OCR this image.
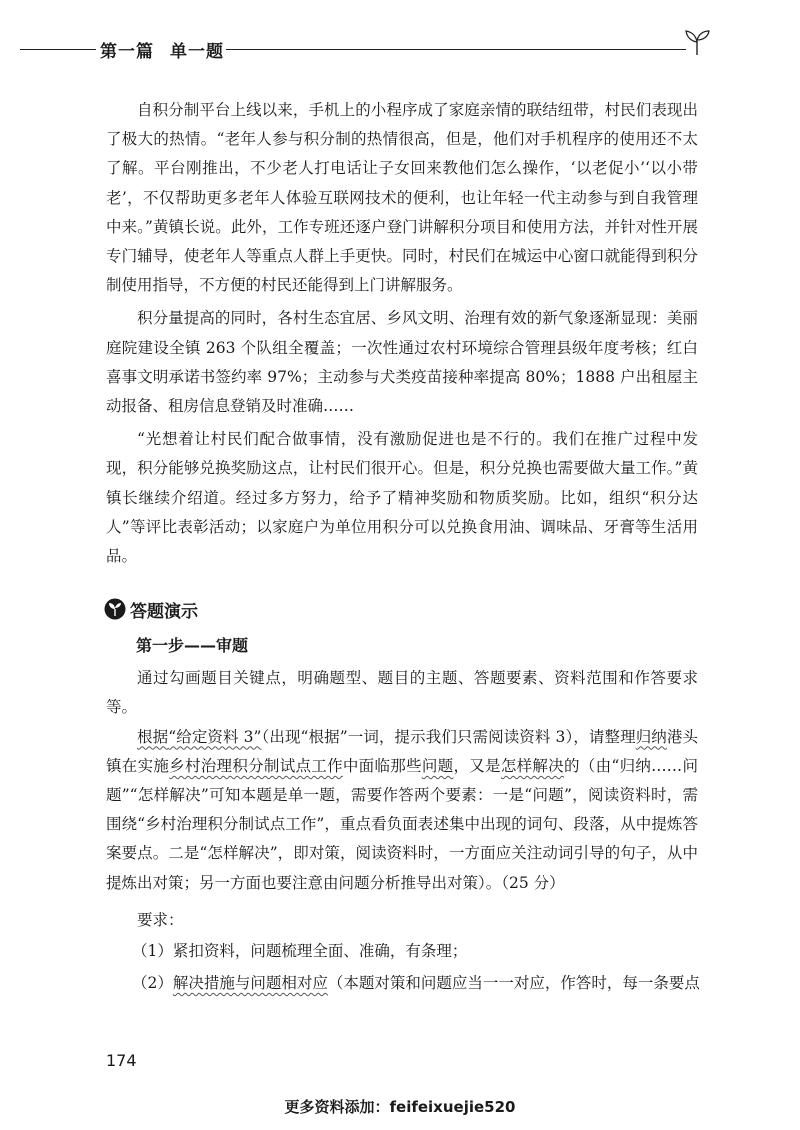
第一篇 单一题

自积分制平台上线以来，手机上的小程序成了家庭亲情的联结纽带，村民们表现出了极大的热情。“老年人参与积分制的热情很高，但是，他们对手机程序的使用还不太了解。平台刚推出，不少老人打电话让子女回来教他们怎么操作，‘以老促小’‘以小带老’，不仅帮助更多老年人体验互联网技术的便利，也让年轻一代主动参与到自我管理中来。”黄镇长说。此外，工作专班还逐户登门讲解积分项目和使用方法，并针对性开展专门辅导，使老年人等重点人群上手更快。同时，村民们在城运中心窗口就能得到积分制使用指导，不方便的村民还能得到上门讲解服务。

积分量提高的同时，各村生态宜居、乡风文明、治理有效的新气象逐渐显现：美丽庭院建设全镇 263 个队组全覆盖；一次性通过农村环境综合管理县级年度考核；红白喜事文明承诺书签约率 97%；主动参与犬类疫苗接种率提高 80%；1888 户出租屋主动报备、租房信息登销及时准确……

“光想着让村民们配合做事情，没有激励促进也是不行的。我们在推广过程中发现，积分能够兑换奖励这点，让村民们很开心。但是，积分兑换也需要做大量工作。”黄镇长继续介绍道。经过多方努力，给予了精神奖励和物质奖励。比如，组织“积分达人”等评比表彰活动；以家庭户为单位用积分可以兑换食用油、调味品、牙膏等生活用品。

答题演示
第一步——审题

通过勾画题目关键点，明确题型、题目的主题、答题要素、资料范围和作答要求等。

根据“给定资料 3”（出现“根据”一词，提示我们只需阅读资料 3），请整理归纳港头镇在实施乡村治理积分制试点工作中面临那些问题，又是怎样解决的（由“归纳……问题”“怎样解决”可知本题是单一题，需要作答两个要素：一是“问题”，阅读资料时，需围绕“乡村治理积分制试点工作”，重点看负面表述集中出现的词句、段落，从中提炼答案要点。二是“怎样解决”，即对策，阅读资料时，一方面应关注动词引导的句子，从中提炼出对策；另一方面也要注意由问题分析推导出对策）。（25 分）

要求：

（1）紧扣资料，问题梳理全面、准确，有条理；

（2）解决措施与问题相对应（本题对策和问题应当一一对应，作答时，每一条要点

174
更多资料添加：feifeixuejie520
